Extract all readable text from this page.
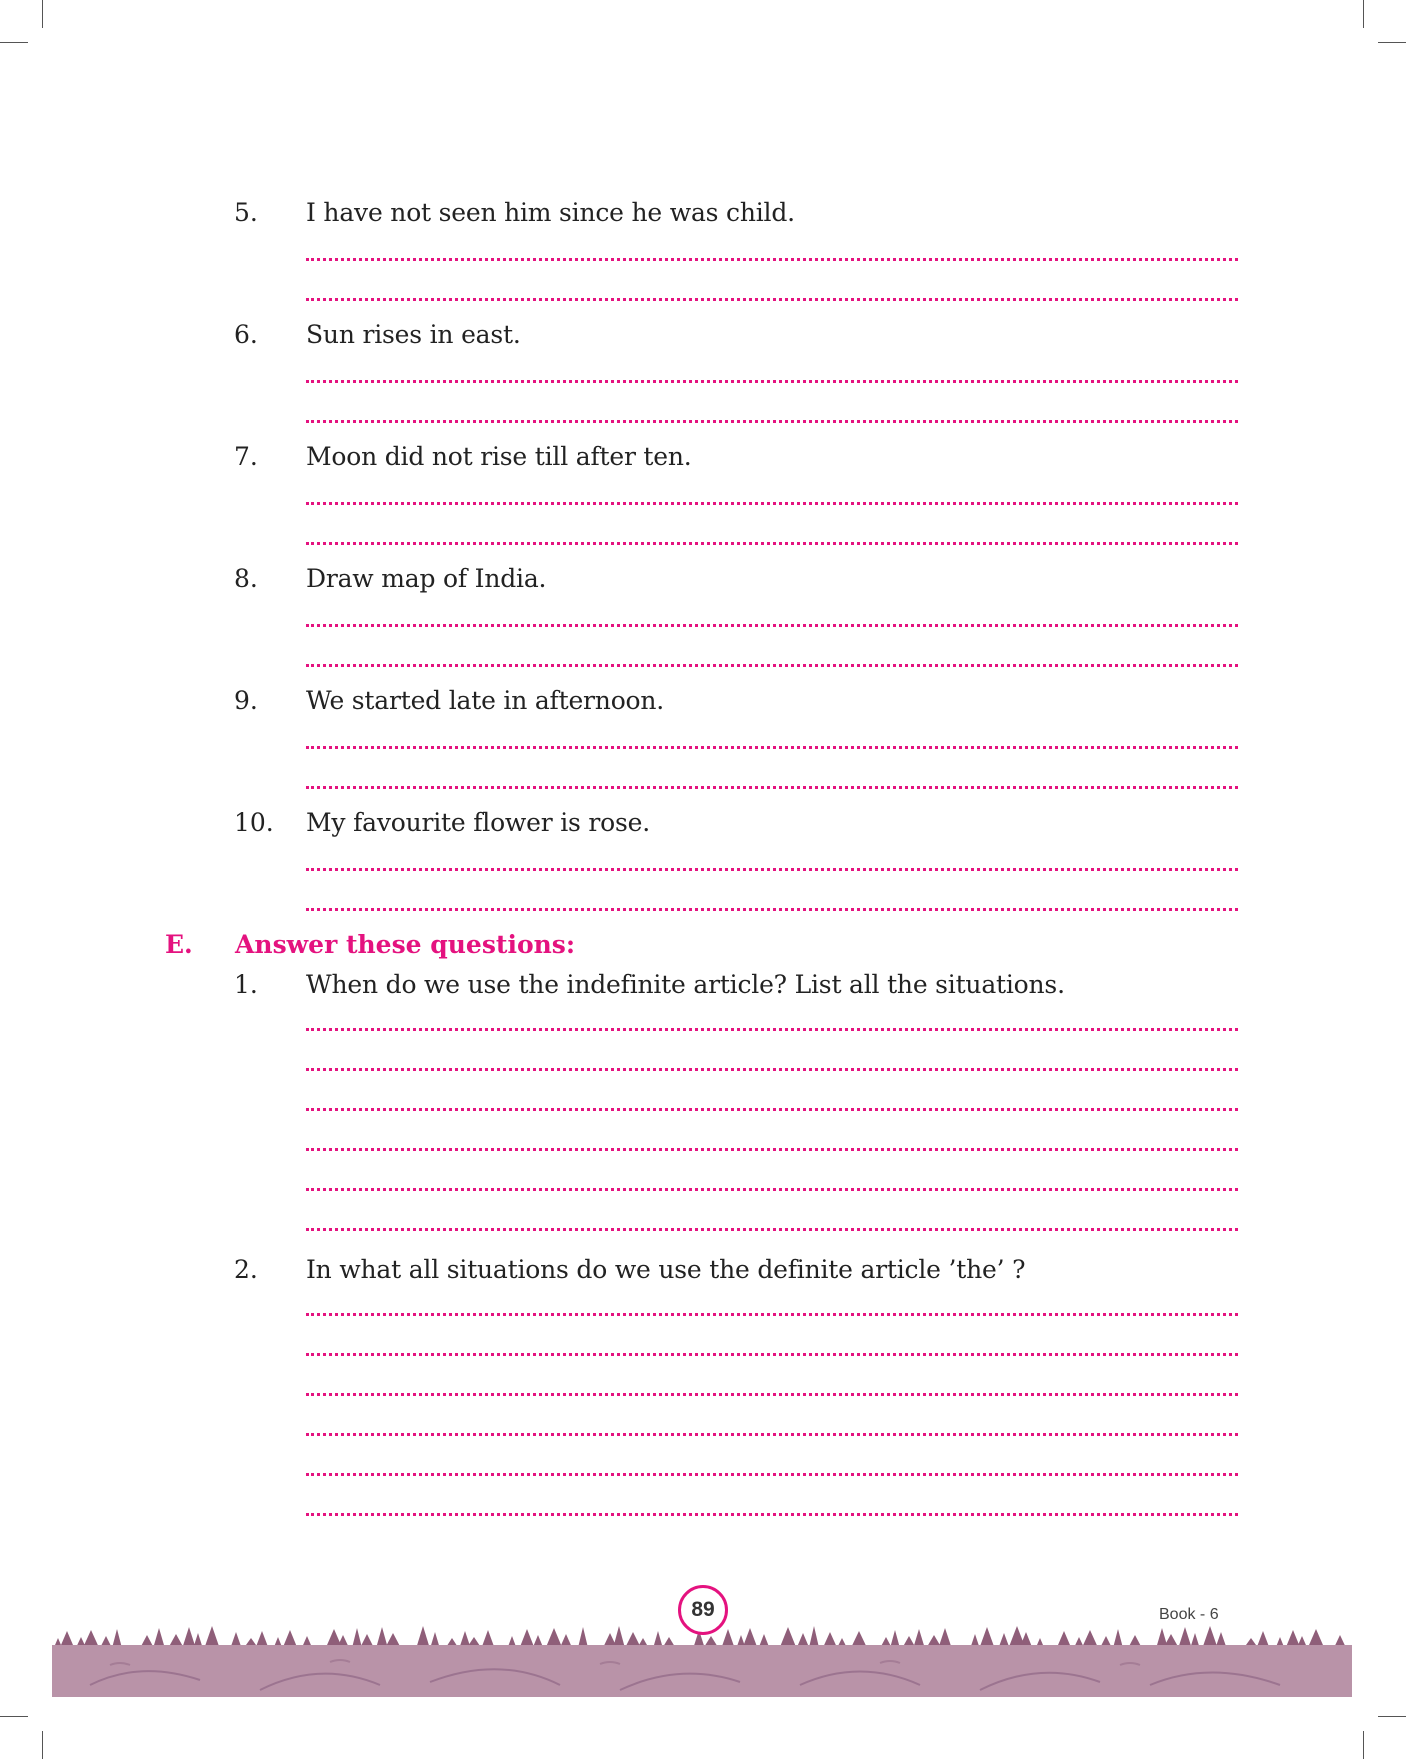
5. I have not seen him since he was child.
6. Sun rises in east.
7. Moon did not rise till after ten.
8. Draw map of India.
9. We started late in afternoon.
10. My favourite flower is rose.
E. Answer these questions:
1. When do we use the indefinite article? List all the situations.
2. In what all situations do we use the definite article ’the’ ?
89	Book - 6
